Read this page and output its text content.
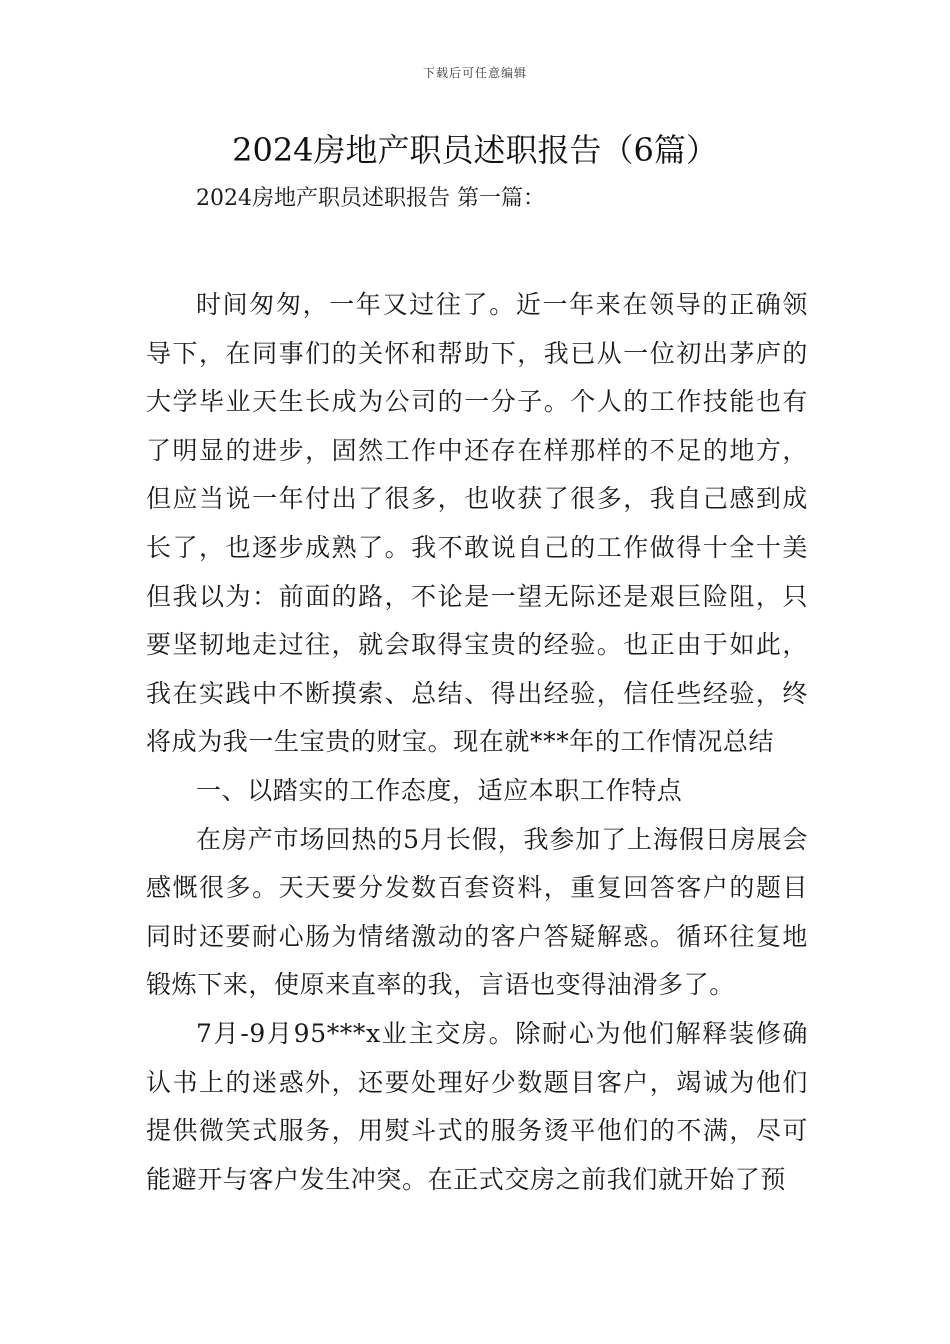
下载后可任意编辑
2024房地产职员述职报告（6篇）

2024房地产职员述职报告 第一篇：

时间匆匆，一年又过往了。近一年来在领导的正确领导下，在同事们的关怀和帮助下，我已从一位初出茅庐的大学毕业天生长成为公司的一分子。个人的工作技能也有了明显的进步，固然工作中还存在样那样的不足的地方，但应当说一年付出了很多，也收获了很多，我自己感到成长了，也逐步成熟了。我不敢说自己的工作做得十全十美但我以为：前面的路，不论是一望无际还是艰巨险阻，只要坚韧地走过往，就会取得宝贵的经验。也正由于如此，我在实践中不断摸索、总结、得出经验，信任些经验，终将成为我一生宝贵的财宝。现在就***年的工作情况总结

一、以踏实的工作态度，适应本职工作特点

在房产市场回热的5月长假，我参加了上海假日房展会感慨很多。天天要分发数百套资料，重复回答客户的题目同时还要耐心肠为情绪激动的客户答疑解惑。循环往复地锻炼下来，使原来直率的我，言语也变得油滑多了。

7月-9月95***x业主交房。除耐心为他们解释装修确认书上的迷惑外，还要处理好少数题目客户，竭诚为他们提供微笑式服务，用熨斗式的服务烫平他们的不满，尽可能避开与客户发生冲突。在正式交房之前我们就开始了预
